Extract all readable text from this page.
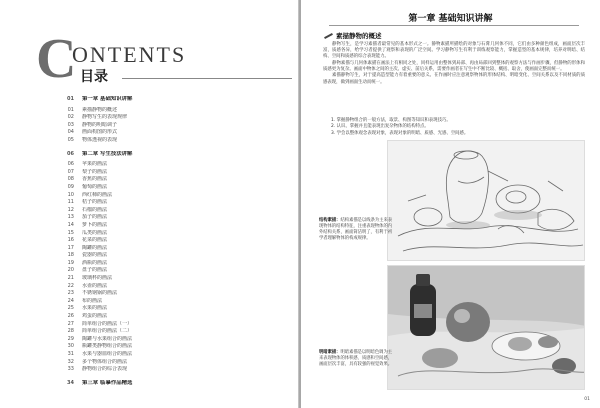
C
ONTENTS
目录
01 第一章 基础知识讲解
01 素描静物的概述
02 静物写生的表现规律
03 静物的明暗调子
04 画面构图的形式
05 物体透视的表现
06 第二章 写生技法讲解
06 苹果的画法
07 梨子的画法
08 香蕉的画法
09 葡萄的画法
10 西红柿的画法
11 桔子的画法
12 石榴的画法
13 茄子的画法
14 萝卜的画法
15 瓜类的画法
16 花菜的画法
17 陶罐的画法
18 瓷器的画法
19 酒瓶的画法
20 盘子的画法
21 玻璃杯的画法
22 水壶的画法
23 不锈钢锅的画法
24 布的画法
25 水果的画法
26 鸡蛋的画法
27 简单组合的画法（一）
28 简单组合的画法（二）
29 陶罐与水果组合的画法
30 瓶罐类静物组合的画法
31 水果与器皿组合的画法
32 多个物体组合的画法
33 静物组合的综合表现
34 第三章 临摹作品精选
第一章 基础知识讲解
素描静物的概述

静物写生，是学习素描者最常见的基本形式之一。静物素描所描绘的对象与石膏几何体不同，它们由多种颜色组成，画面层次丰富，质感各异，给学习者提供了观察和表现的广泛空间。学习静物写生有利于训练观察能力，掌握造型的基本规律，培养对明暗、结构、空间和质感的综合表现能力。

静物素描与几何体素描在画法上有相同之处，同样运用由整体到局部、再由局部回到整体的观察方法与作画步骤，但静物的形体和质感更为复杂。画面中物体之间的主次、虚实、前后关系，需要作画者在写生中不断比较、概括、取舍，使画面完整而统一。

素描静物写生，对于提高造型能力有着重要的意义。在作画时应注意观察物体的形体结构、明暗变化、空间关系以及不同材质的质感表现，做到画面生动而统一。

1. 掌握静物组合的一般方法，取景、构图等知识和表现技巧。
2. 认识、掌握并且能表现出复杂物体的结构特点。
3. 学会以整体观念表现对象，表现对象的明暗、质感、光感、空间感。
结构素描：结构素描是以线条为主来表现物体的结构特征，注重表现物体的内外结构关系，画面简洁明了，有利于初学者理解物体的构成规律。
明暗素描：明暗素描是以明暗色调为主来表现物体的体积感、质感和空间感，画面层次丰富，具有较强的视觉效果。
01
